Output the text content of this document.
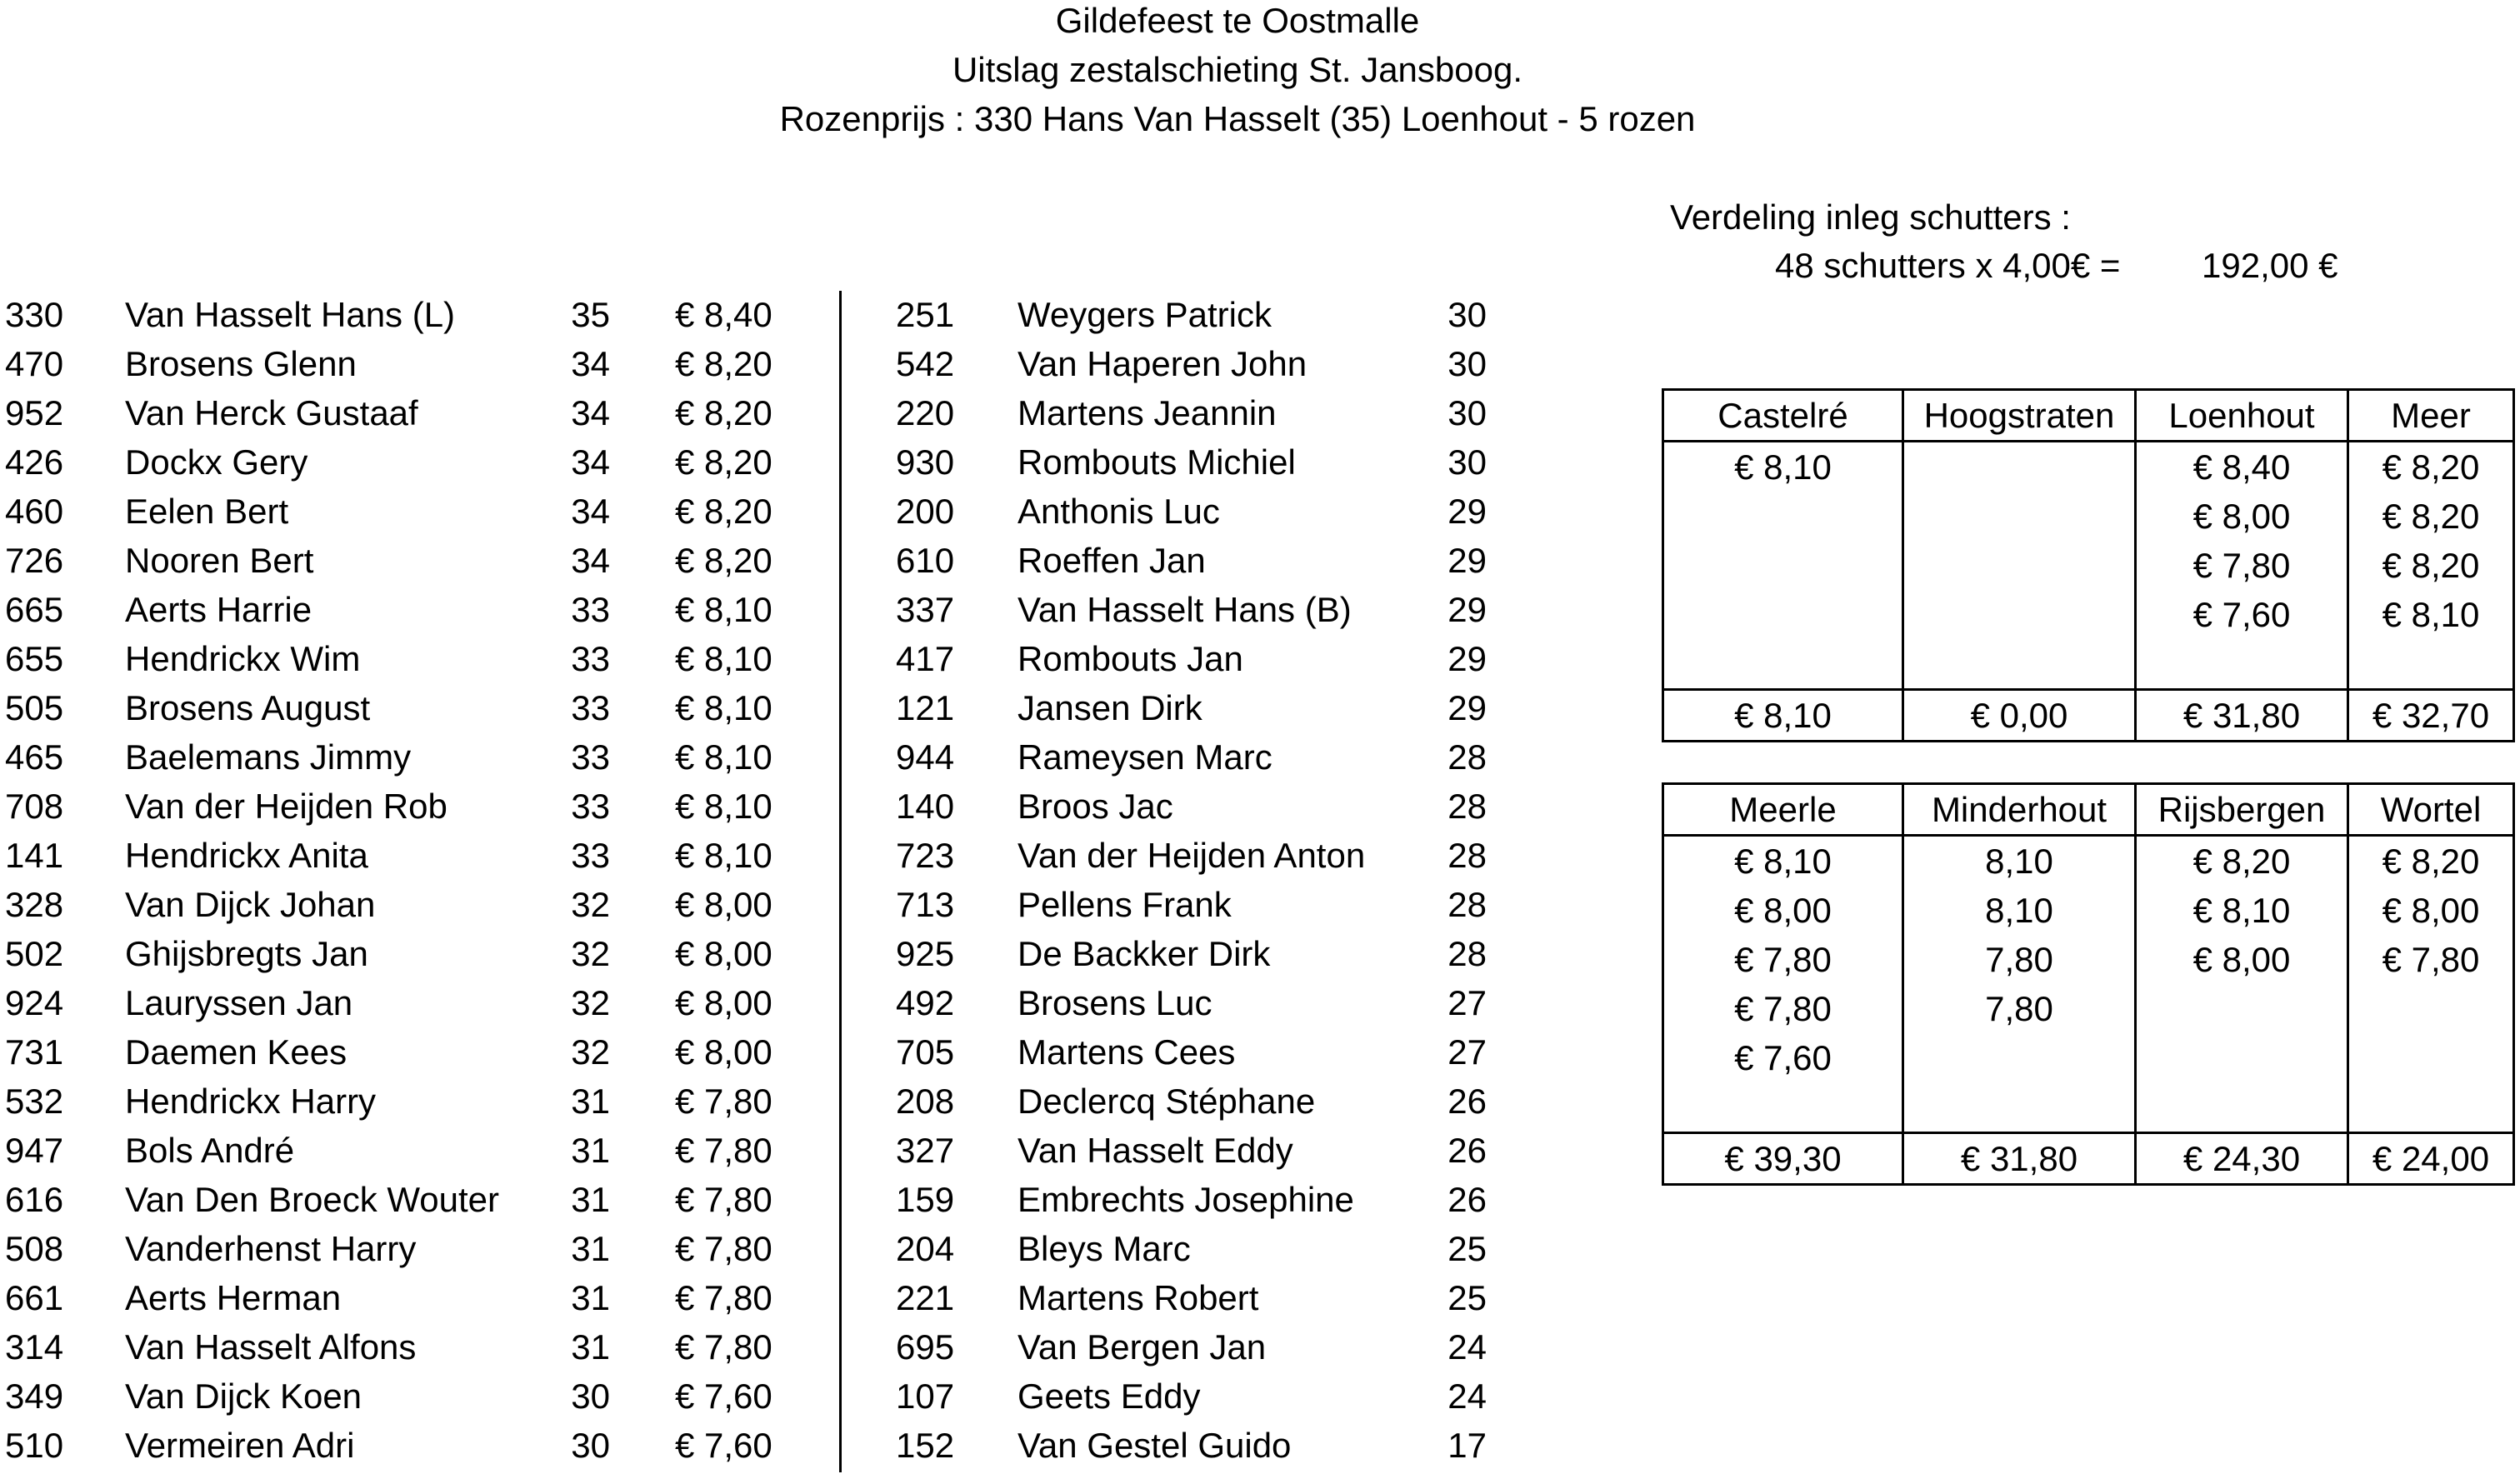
Gildefeest te Oostmalle
Uitslag zestalschieting St. Jansboog.
Rozenprijs : 330 Hans Van Hasselt (35) Loenhout - 5 rozen
Verdeling inleg schutters :
48 schutters x 4,00€ = 192,00 €
330 Van Hasselt Hans (L)	35 € 8,40	251 Weygers Patrick	30
470 Brosens Glenn	34 € 8,20	542 Van Haperen John	30
952 Van Herck Gustaaf	34 € 8,20	220 Martens Jeannin	30
426 Dockx Gery	34 € 8,20	930 Rombouts Michiel	30
460 Eelen Bert	34 € 8,20	200 Anthonis Luc	29
726 Nooren Bert	34 € 8,20	610 Roeffen Jan	29
665 Aerts Harrie	33 € 8,10	337 Van Hasselt Hans (B)	29
655 Hendrickx Wim	33 € 8,10	417 Rombouts Jan	29
505 Brosens August	33 € 8,10	121 Jansen Dirk	29
465 Baelemans Jimmy	33 € 8,10	944 Rameysen Marc	28
708 Van der Heijden Rob	33 € 8,10	140 Broos Jac	28
141 Hendrickx Anita	33 € 8,10	723 Van der Heijden Anton	28
328 Van Dijck Johan	32 € 8,00	713 Pellens Frank	28
502 Ghijsbregts Jan	32 € 8,00	925 De Backker Dirk	28
924 Lauryssen Jan	32 € 8,00	492 Brosens Luc	27
731 Daemen Kees	32 € 8,00	705 Martens Cees	27
532 Hendrickx Harry	31 € 7,80	208 Declercq Stéphane	26
947 Bols André	31 € 7,80	327 Van Hasselt Eddy	26
616 Van Den Broeck Wouter	31 € 7,80	159 Embrechts Josephine	26
508 Vanderhenst Harry	31 € 7,80	204 Bleys Marc	25
661 Aerts Herman	31 € 7,80	221 Martens Robert	25
314 Van Hasselt Alfons	31 € 7,80	695 Van Bergen Jan	24
349 Van Dijck Koen	30 € 7,60	107 Geets Eddy	24
510 Vermeiren Adri	30 € 7,60	152 Van Gestel Guido	17
Castelré	Hoogstraten	Loenhout	Meer
€ 8,10		€ 8,40	€ 8,20
		€ 8,00	€ 8,20
		€ 7,80	€ 8,20
		€ 7,60	€ 8,10

€ 8,10	€ 0,00	€ 31,80	€ 32,70
Meerle	Minderhout	Rijsbergen	Wortel
€ 8,10	8,10	€ 8,20	€ 8,20
€ 8,00	8,10	€ 8,10	€ 8,00
€ 7,80	7,80	€ 8,00	€ 7,80
€ 7,80	7,80		
€ 7,60			

€ 39,30	€ 31,80	€ 24,30	€ 24,00
